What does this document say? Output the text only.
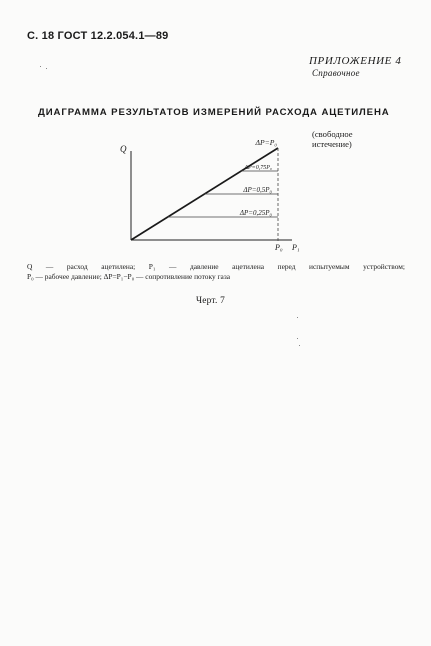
С. 18 ГОСТ 12.2.054.1—89
ПРИЛОЖЕНИЕ 4
Справочное
ДИАГРАММА РЕЗУЛЬТАТОВ ИЗМЕРЕНИЙ РАСХОДА АЦЕТИЛЕНА
(свободное
истечение)
ΔP=P₀
ΔP=0,75P₀
ΔP=0,5P₀
ΔP=0,25P₀
Q
P₀ P₁
Q — расход ацетилена; P₁ — давление ацетилена перед испытуемым устройством;
P₀ — рабочее давление; ΔP=P₁−P₀ — сопротивление потоку газа
Черт. 7
